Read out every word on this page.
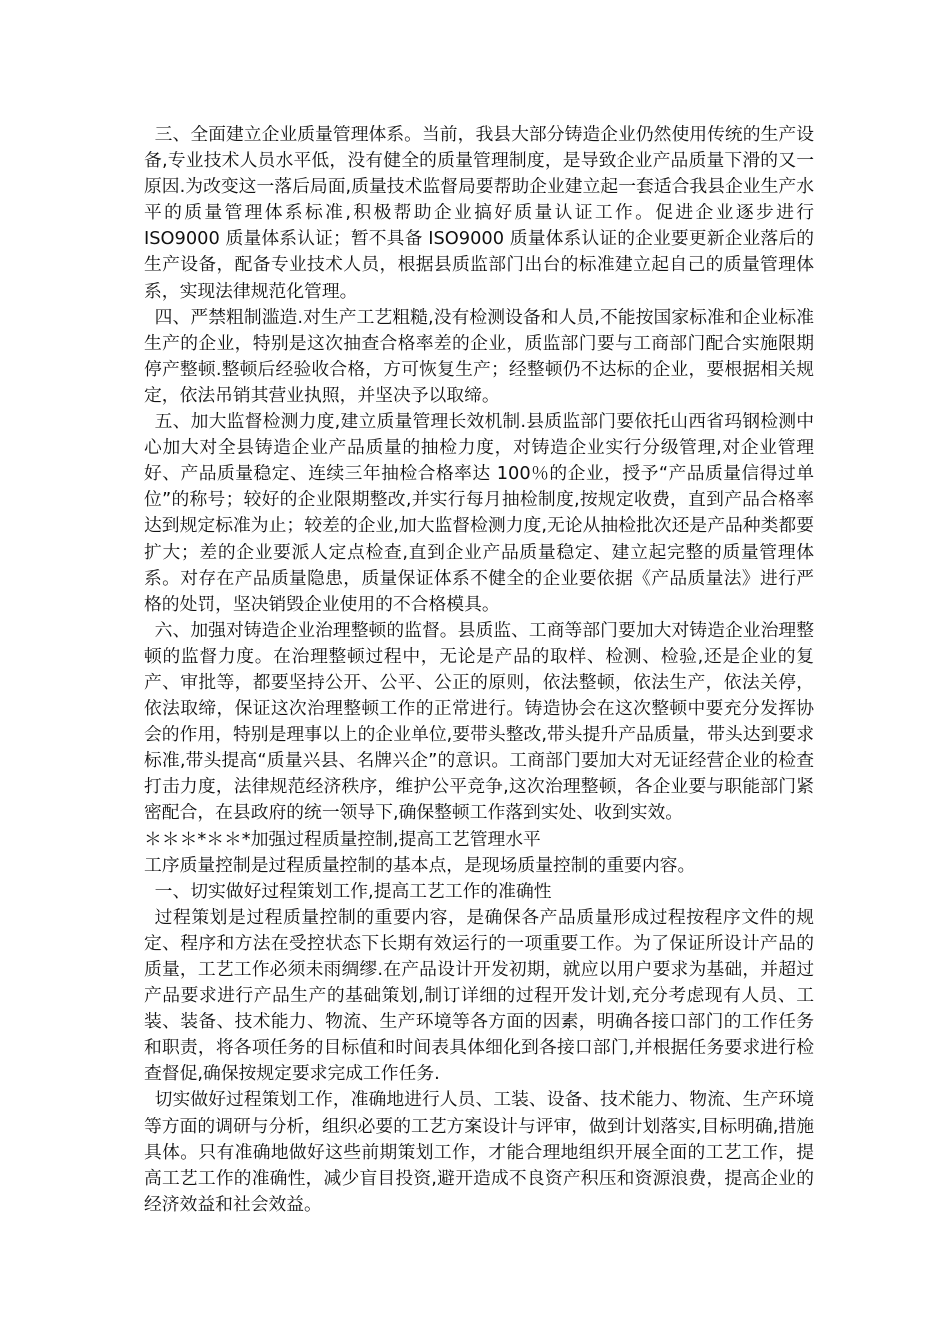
三、全面建立企业质量管理体系。当前，我县大部分铸造企业仍然使用传统的生产设备,专业技术人员水平低，没有健全的质量管理制度，是导致企业产品质量下滑的又一原因.为改变这一落后局面,质量技术监督局要帮助企业建立起一套适合我县企业生产水平的质量管理体系标准,积极帮助企业搞好质量认证工作。促进企业逐步进行 ISO9000 质量体系认证；暂不具备 ISO9000 质量体系认证的企业要更新企业落后的生产设备，配备专业技术人员，根据县质监部门出台的标准建立起自己的质量管理体系，实现法律规范化管理。

四、严禁粗制滥造.对生产工艺粗糙,没有检测设备和人员,不能按国家标准和企业标准生产的企业，特别是这次抽查合格率差的企业，质监部门要与工商部门配合实施限期停产整顿.整顿后经验收合格，方可恢复生产；经整顿仍不达标的企业，要根据相关规定，依法吊销其营业执照，并坚决予以取缔。

五、加大监督检测力度,建立质量管理长效机制.县质监部门要依托山西省玛钢检测中心加大对全县铸造企业产品质量的抽检力度，对铸造企业实行分级管理,对企业管理好、产品质量稳定、连续三年抽检合格率达 100％的企业，授予“产品质量信得过单位”的称号；较好的企业限期整改,并实行每月抽检制度,按规定收费，直到产品合格率达到规定标准为止；较差的企业,加大监督检测力度,无论从抽检批次还是产品种类都要扩大；差的企业要派人定点检查,直到企业产品质量稳定、建立起完整的质量管理体系。对存在产品质量隐患，质量保证体系不健全的企业要依据《产品质量法》进行严格的处罚，坚决销毁企业使用的不合格模具。

六、加强对铸造企业治理整顿的监督。县质监、工商等部门要加大对铸造企业治理整顿的监督力度。在治理整顿过程中，无论是产品的取样、检测、检验,还是企业的复产、审批等，都要坚持公开、公平、公正的原则，依法整顿，依法生产，依法关停，依法取缔，保证这次治理整顿工作的正常进行。铸造协会在这次整顿中要充分发挥协会的作用，特别是理事以上的企业单位,要带头整改,带头提升产品质量，带头达到要求标准,带头提高“质量兴县、名牌兴企”的意识。工商部门要加大对无证经营企业的检查打击力度，法律规范经济秩序，维护公平竞争,这次治理整顿，各企业要与职能部门紧密配合，在县政府的统一领导下,确保整顿工作落到实处、收到实效。

＊＊＊*＊＊*加强过程质量控制,提高工艺管理水平

工序质量控制是过程质量控制的基本点，是现场质量控制的重要内容。

一、切实做好过程策划工作,提高工艺工作的准确性

过程策划是过程质量控制的重要内容，是确保各产品质量形成过程按程序文件的规定、程序和方法在受控状态下长期有效运行的一项重要工作。为了保证所设计产品的质量，工艺工作必须未雨绸缪.在产品设计开发初期，就应以用户要求为基础，并超过产品要求进行产品生产的基础策划,制订详细的过程开发计划,充分考虑现有人员、工装、装备、技术能力、物流、生产环境等各方面的因素，明确各接口部门的工作任务和职责，将各项任务的目标值和时间表具体细化到各接口部门,并根据任务要求进行检查督促,确保按规定要求完成工作任务.

切实做好过程策划工作，准确地进行人员、工装、设备、技术能力、物流、生产环境等方面的调研与分析，组织必要的工艺方案设计与评审，做到计划落实,目标明确,措施具体。只有准确地做好这些前期策划工作，才能合理地组织开展全面的工艺工作，提高工艺工作的准确性，减少盲目投资,避开造成不良资产积压和资源浪费，提高企业的经济效益和社会效益。
